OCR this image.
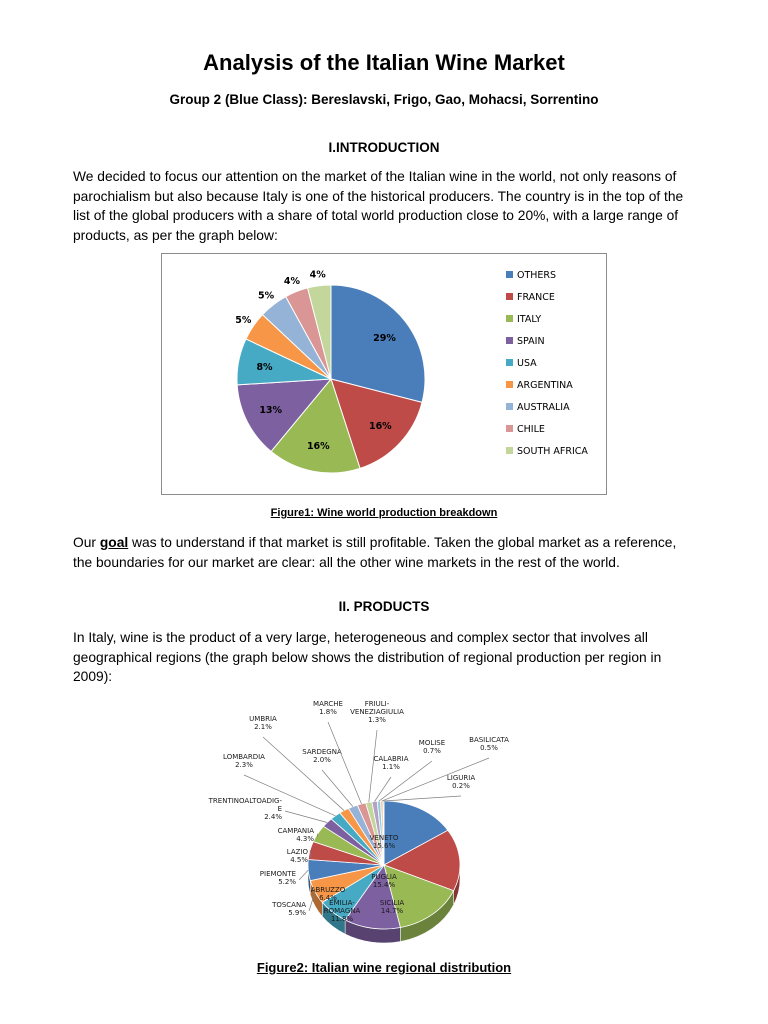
Analysis of the Italian Wine Market
Group 2 (Blue Class): Bereslavski, Frigo, Gao, Mohacsi, Sorrentino
I.INTRODUCTION
We decided to focus our attention on the market of the Italian wine in the world, not only reasons of parochialism but also because Italy is one of the historical producers. The country is in the top of the list of the global producers with a share of total world production close to 20%, with a large range of products, as per the graph below:
29%
16%
16%
13%
8%
5%
5%
4%
4%	OTHERS
FRANCE
ITALY
SPAIN
USA
ARGENTINA
AUSTRALIA
CHILE
SOUTH AFRICA
Figure1: Wine world production breakdown
Our goal was to understand if that market is still profitable. Taken the global market as a reference, the boundaries for our market are clear: all the other wine markets in the rest of the world.
II. PRODUCTS
In Italy, wine is the product of a very large, heterogeneous and complex sector that involves all geographical regions (the graph below shows the distribution of regional production per region in 2009):
VENETO 15.6%
PUGLIA 15.4%
SICILIA 14.7%
EMILIA-ROMAGNA 11.8%
ABRUZZO 6.4%
TOSCANA 5.9%
PIEMONTE 5.2%
LAZIO 4.5%
CAMPANIA 4.3%
TRENTINOALTOADIG-E 2.4%
LOMBARDIA 2.3%
UMBRIA 2.1%
SARDEGNA 2.0%
MARCHE 1.8%
FRIULI-VENEZIAGIULIA 1.3%
CALABRIA 1.1%
MOLISE 0.7%
BASILICATA 0.5%
LIGURIA 0.2%
Figure2: Italian wine regional distribution
